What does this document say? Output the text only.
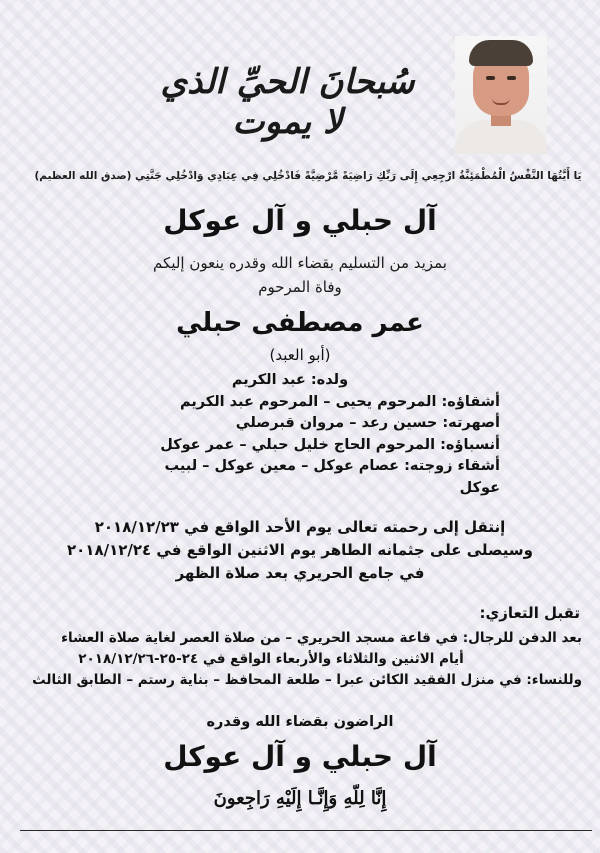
سُبحانَ الحيِّ الذي لا يموت
يَا أَيَّتُهَا النَّفْسُ الْمُطْمَئِنَّةُ ارْجِعِي إِلَى رَبِّكِ رَاضِيَةً مَّرْضِيَّةً فَادْخُلِي فِي عِبَادِي وَادْخُلِي جَنَّتِي (صدق الله العظيم)
آل حبلي و آل عوكل
بمزيد من التسليم بقضاء الله وقدره ينعون إليكم
وفاة المرحوم
عمر مصطفى حبلي
(أبو العبد)
ولده: عبد الكريم
أشقاؤه: المرحوم يحيى – المرحوم عبد الكريم
أصهرته: حسين رعد – مروان قبرصلي
أنسباؤه: المرحوم الحاج خليل حبلي – عمر عوكل
أشقاء زوجته: عصام عوكل – معين عوكل – لبيب عوكل
إنتقل إلى رحمته تعالى يوم الأحد الواقع في ٢٠١٨/١٢/٢٣
وسيصلى على جثمانه الطاهر يوم الاثنين الواقع في ٢٠١٨/١٢/٢٤
في جامع الحريري بعد صلاة الظهر
تقبل التعازي:
بعد الدفن للرجال: في قاعة مسجد الحريري – من صلاة العصر لغاية صلاة العشاء
أيام الاثنين والثلاثاء والأربعاء الواقع في ٢٤-٢٥-٢٠١٨/١٢/٢٦
وللنساء: في منزل الفقيد الكائن عبرا – طلعة المحافظ – بناية رستم – الطابق الثالث
الراضون بقضاء الله وقدره
آل حبلي و آل عوكل
إِنَّا لِلّهِ وَإِنَّـا إِلَيْهِ رَاجِعونَ
